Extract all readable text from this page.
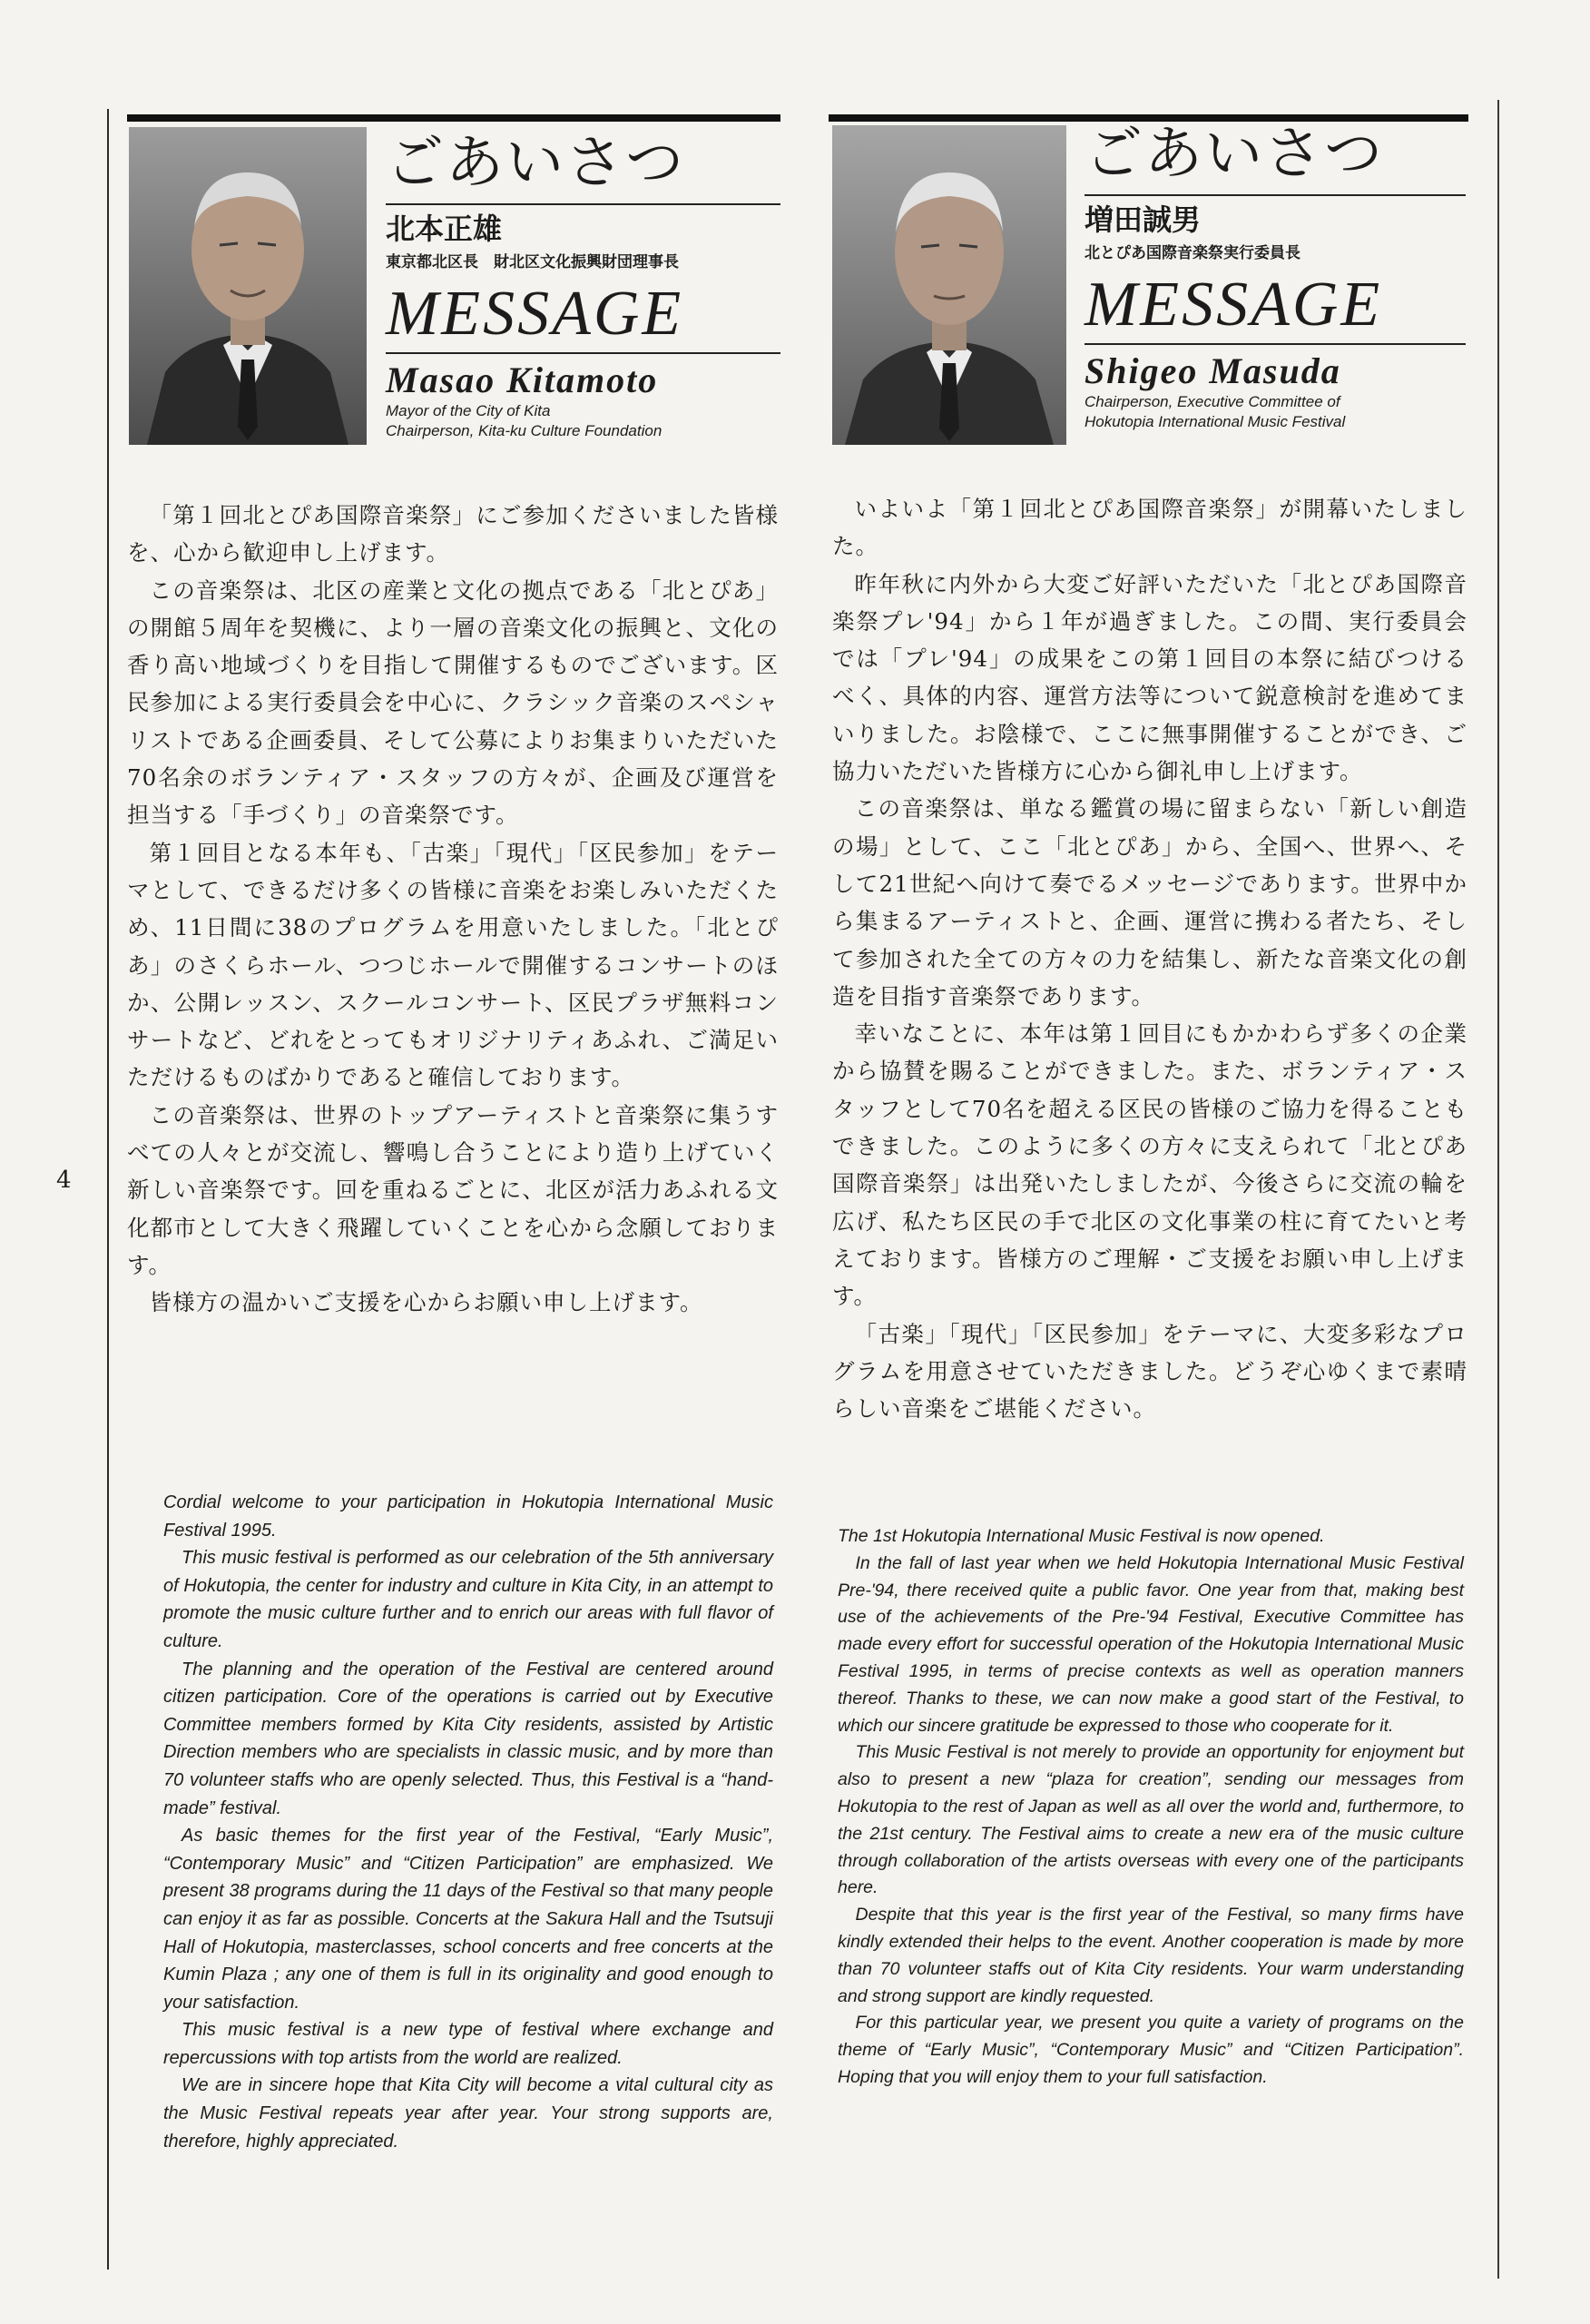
4
ごあいさつ
北本正雄
東京都北区長　財北区文化振興財団理事長
MESSAGE
Masao Kitamoto
Mayor of the City of Kita
Chairperson, Kita-ku Culture Foundation

「第１回北とぴあ国際音楽祭」にご参加くださいました皆様を、心から歓迎申し上げます。

この音楽祭は、北区の産業と文化の拠点である「北とぴあ」の開館５周年を契機に、より一層の音楽文化の振興と、文化の香り高い地域づくりを目指して開催するものでございます。区民参加による実行委員会を中心に、クラシック音楽のスペシャリストである企画委員、そして公募によりお集まりいただいた70名余のボランティア・スタッフの方々が、企画及び運営を担当する「手づくり」の音楽祭です。

第１回目となる本年も、「古楽」「現代」「区民参加」をテーマとして、できるだけ多くの皆様に音楽をお楽しみいただくため、11日間に38のプログラムを用意いたしました。「北とぴあ」のさくらホール、つつじホールで開催するコンサートのほか、公開レッスン、スクールコンサート、区民プラザ無料コンサートなど、どれをとってもオリジナリティあふれ、ご満足いただけるものばかりであると確信しております。

この音楽祭は、世界のトップアーティストと音楽祭に集うすべての人々とが交流し、響鳴し合うことにより造り上げていく新しい音楽祭です。回を重ねるごとに、北区が活力あふれる文化都市として大きく飛躍していくことを心から念願しております。

皆様方の温かいご支援を心からお願い申し上げます。

Cordial welcome to your participation in Hokutopia International Music Festival 1995.

This music festival is performed as our celebration of the 5th anniversary of Hokutopia, the center for industry and culture in Kita City, in an attempt to promote the music culture further and to enrich our areas with full flavor of culture.

The planning and the operation of the Festival are centered around citizen participation. Core of the operations is carried out by Executive Committee members formed by Kita City residents, assisted by Artistic Direction members who are specialists in classic music, and by more than 70 volunteer staffs who are openly selected. Thus, this Festival is a “hand-made” festival.

As basic themes for the first year of the Festival, “Early Music”, “Contemporary Music” and “Citizen Participation” are emphasized. We present 38 programs during the 11 days of the Festival so that many people can enjoy it as far as possible. Concerts at the Sakura Hall and the Tsutsuji Hall of Hokutopia, masterclasses, school concerts and free concerts at the Kumin Plaza ; any one of them is full in its originality and good enough to your satisfaction.

This music festival is a new type of festival where exchange and repercussions with top artists from the world are realized.

We are in sincere hope that Kita City will become a vital cultural city as the Music Festival repeats year after year. Your strong supports are, therefore, highly appreciated.

ごあいさつ
増田誠男
北とぴあ国際音楽祭実行委員長
MESSAGE
Shigeo Masuda
Chairperson, Executive Committee of
Hokutopia International Music Festival

いよいよ「第１回北とぴあ国際音楽祭」が開幕いたしました。

昨年秋に内外から大変ご好評いただいた「北とぴあ国際音楽祭プレ'94」から１年が過ぎました。この間、実行委員会では「プレ'94」の成果をこの第１回目の本祭に結びつけるべく、具体的内容、運営方法等について鋭意検討を進めてまいりました。お陰様で、ここに無事開催することができ、ご協力いただいた皆様方に心から御礼申し上げます。

この音楽祭は、単なる鑑賞の場に留まらない「新しい創造の場」として、ここ「北とぴあ」から、全国へ、世界へ、そして21世紀へ向けて奏でるメッセージであります。世界中から集まるアーティストと、企画、運営に携わる者たち、そして参加された全ての方々の力を結集し、新たな音楽文化の創造を目指す音楽祭であります。

幸いなことに、本年は第１回目にもかかわらず多くの企業から協賛を賜ることができました。また、ボランティア・スタッフとして70名を超える区民の皆様のご協力を得ることもできました。このように多くの方々に支えられて「北とぴあ国際音楽祭」は出発いたしましたが、今後さらに交流の輪を広げ、私たち区民の手で北区の文化事業の柱に育てたいと考えております。皆様方のご理解・ご支援をお願い申し上げます。

「古楽」「現代」「区民参加」をテーマに、大変多彩なプログラムを用意させていただきました。どうぞ心ゆくまで素晴らしい音楽をご堪能ください。

The 1st Hokutopia International Music Festival is now opened.

In the fall of last year when we held Hokutopia International Music Festival Pre-'94, there received quite a public favor. One year from that, making best use of the achievements of the Pre-'94 Festival, Executive Committee has made every effort for successful operation of the Hokutopia International Music Festival 1995, in terms of precise contexts as well as operation manners thereof. Thanks to these, we can now make a good start of the Festival, to which our sincere gratitude be expressed to those who cooperate for it.

This Music Festival is not merely to provide an opportunity for enjoyment but also to present a new “plaza for creation”, sending our messages from Hokutopia to the rest of Japan as well as all over the world and, furthermore, to the 21st century. The Festival aims to create a new era of the music culture through collaboration of the artists overseas with every one of the participants here.

Despite that this year is the first year of the Festival, so many firms have kindly extended their helps to the event. Another cooperation is made by more than 70 volunteer staffs out of Kita City residents. Your warm understanding and strong support are kindly requested.

For this particular year, we present you quite a variety of programs on the theme of “Early Music”, “Contemporary Music” and “Citizen Participation”. Hoping that you will enjoy them to your full satisfaction.
